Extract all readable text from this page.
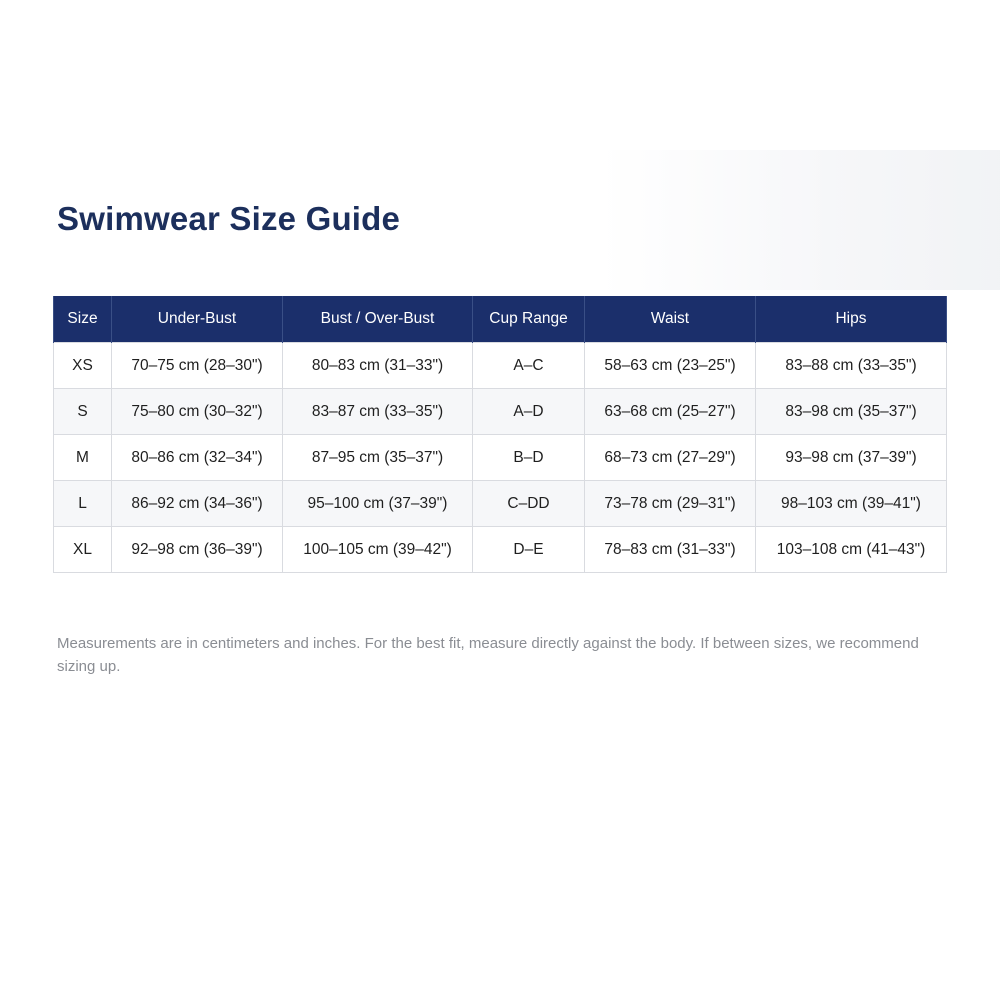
Swimwear Size Guide
Size	Under-Bust	Bust / Over-Bust	Cup Range	Waist	Hips
XS	70–75 cm (28–30")	80–83 cm (31–33")	A–C	58–63 cm (23–25")	83–88 cm (33–35")
S	75–80 cm (30–32")	83–87 cm (33–35")	A–D	63–68 cm (25–27")	83–98 cm (35–37")
M	80–86 cm (32–34")	87–95 cm (35–37")	B–D	68–73 cm (27–29")	93–98 cm (37–39")
L	86–92 cm (34–36")	95–100 cm (37–39")	C–DD	73–78 cm (29–31")	98–103 cm (39–41")
XL	92–98 cm (36–39")	100–105 cm (39–42")	D–E	78–83 cm (31–33")	103–108 cm (41–43")

Measurements are in centimeters and inches. For the best fit, measure directly against the body. If between sizes, we recommend sizing up.
